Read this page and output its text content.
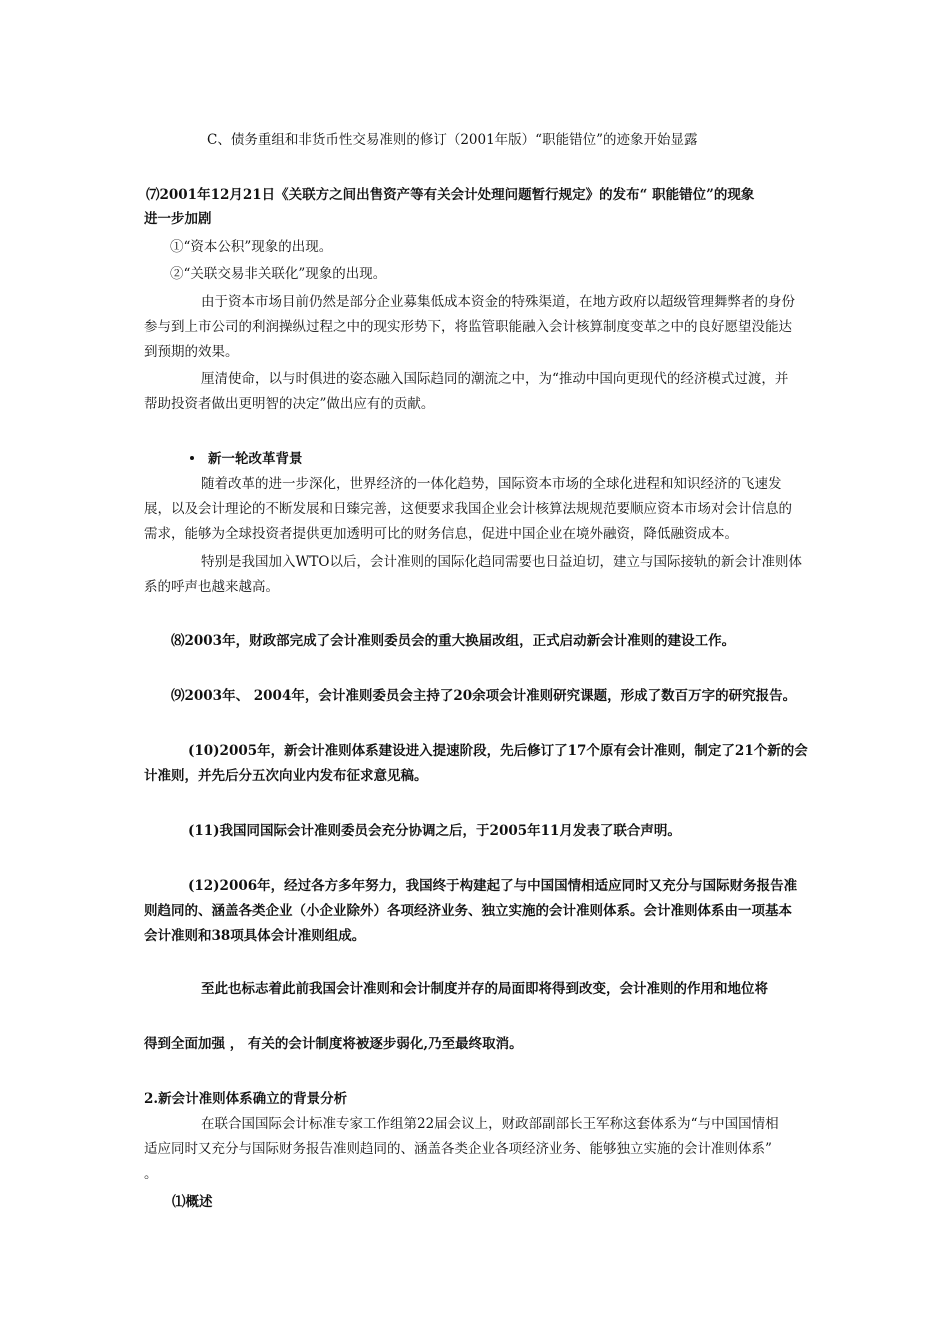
C、债务重组和非货币性交易准则的修订（2001年版）“职能错位”的迹象开始显露
⑺2001年12月21日《关联方之间出售资产等有关会计处理问题暂行规定》的发布“ 职能错位”的现象
进一步加剧
①“资本公积”现象的出现。
②“关联交易非关联化”现象的出现。
由于资本市场目前仍然是部分企业募集低成本资金的特殊渠道，在地方政府以超级管理舞弊者的身份
参与到上市公司的利润操纵过程之中的现实形势下，将监管职能融入会计核算制度变革之中的良好愿望没能达
到预期的效果。
厘清使命，以与时俱进的姿态融入国际趋同的潮流之中，为“推动中国向更现代的经济模式过渡，并
帮助投资者做出更明智的决定”做出应有的贡献。
新一轮改革背景
随着改革的进一步深化，世界经济的一体化趋势，国际资本市场的全球化进程和知识经济的飞速发
展，以及会计理论的不断发展和日臻完善，这便要求我国企业会计核算法规规范要顺应资本市场对会计信息的
需求，能够为全球投资者提供更加透明可比的财务信息，促进中国企业在境外融资，降低融资成本。
特别是我国加入WTO以后，会计准则的国际化趋同需要也日益迫切，建立与国际接轨的新会计准则体
系的呼声也越来越高。
⑻2003年，财政部完成了会计准则委员会的重大换届改组，正式启动新会计准则的建设工作。
⑼2003年、 2004年，会计准则委员会主持了20余项会计准则研究课题，形成了数百万字的研究报告。
(10)2005年，新会计准则体系建设进入提速阶段，先后修订了17个原有会计准则，制定了21个新的会
计准则，并先后分五次向业内发布征求意见稿。
(11)我国同国际会计准则委员会充分协调之后，于2005年11月发表了联合声明。
(12)2006年，经过各方多年努力，我国终于构建起了与中国国情相适应同时又充分与国际财务报告准
则趋同的、涵盖各类企业（小企业除外）各项经济业务、独立实施的会计准则体系。会计准则体系由一项基本
会计准则和38项具体会计准则组成。
至此也标志着此前我国会计准则和会计制度并存的局面即将得到改变，会计准则的作用和地位将
得到全面加强 ， 有关的会计制度将被逐步弱化,乃至最终取消。
2.新会计准则体系确立的背景分析
在联合国国际会计标准专家工作组第22届会议上，财政部副部长王军称这套体系为“与中国国情相
适应同时又充分与国际财务报告准则趋同的、涵盖各类企业各项经济业务、能够独立实施的会计准则体系”
。
⑴概述
